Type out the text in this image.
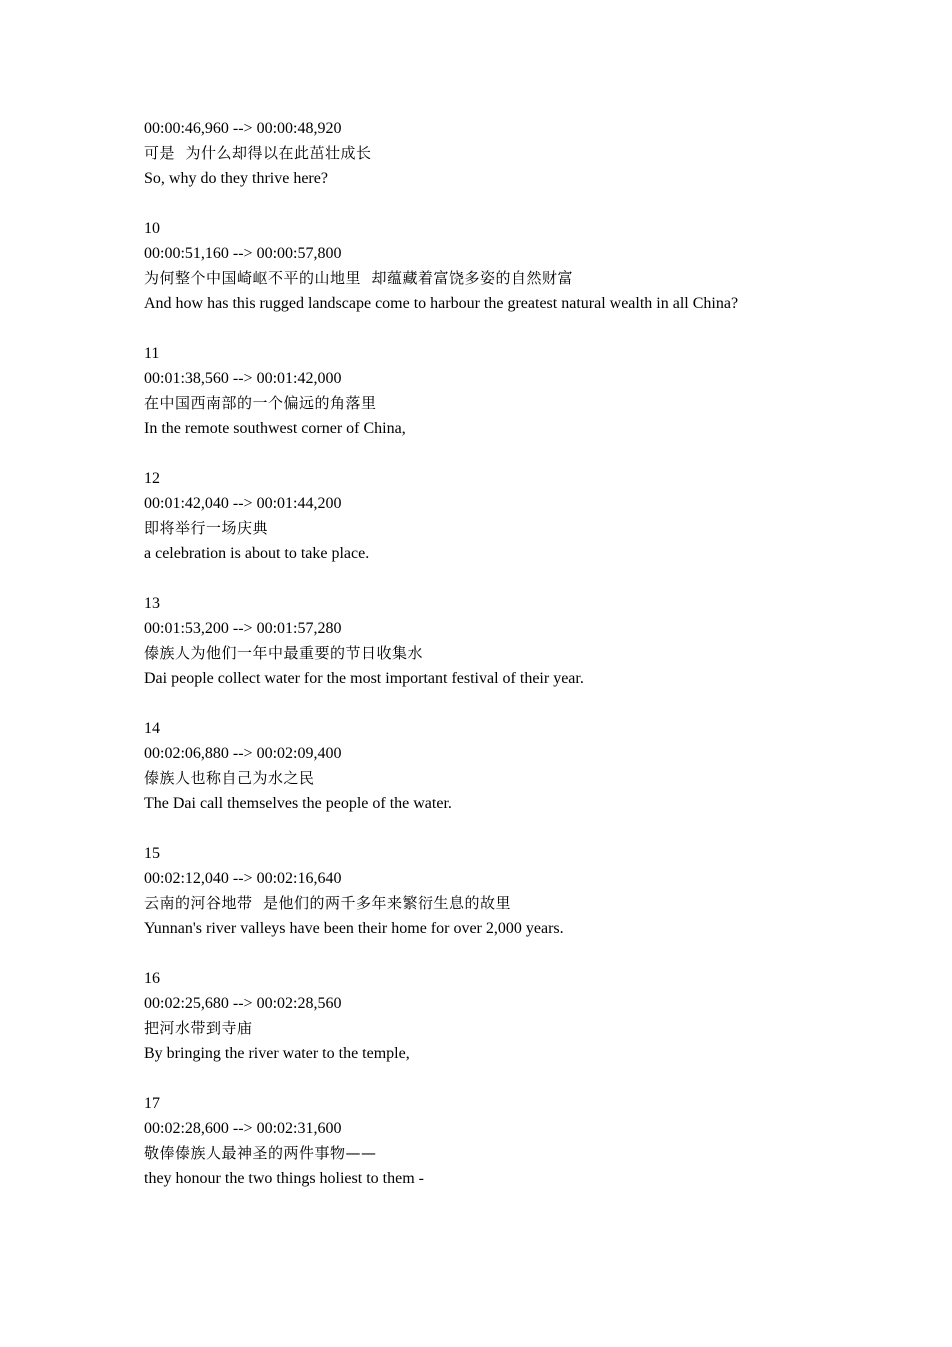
00:00:46,960 --> 00:00:48,920
可是  为什么却得以在此茁壮成长
So, why do they thrive here?
10
00:00:51,160 --> 00:00:57,800
为何整个中国崎岖不平的山地里  却蕴藏着富饶多姿的自然财富
And how has this rugged landscape come to harbour the greatest natural wealth in all China?
11
00:01:38,560 --> 00:01:42,000
在中国西南部的一个偏远的角落里
In the remote southwest corner of China,
12
00:01:42,040 --> 00:01:44,200
即将举行一场庆典
a celebration is about to take place.
13
00:01:53,200 --> 00:01:57,280
傣族人为他们一年中最重要的节日收集水
Dai people collect water for the most important festival of their year.
14
00:02:06,880 --> 00:02:09,400
傣族人也称自己为水之民
The Dai call themselves the people of the water.
15
00:02:12,040 --> 00:02:16,640
云南的河谷地带  是他们的两千多年来繁衍生息的故里
Yunnan's river valleys have been their home for over 2,000 years.
16
00:02:25,680 --> 00:02:28,560
把河水带到寺庙
By bringing the river water to the temple,
17
00:02:28,600 --> 00:02:31,600
敬俸傣族人最神圣的两件事物——
they honour the two things holiest to them -
